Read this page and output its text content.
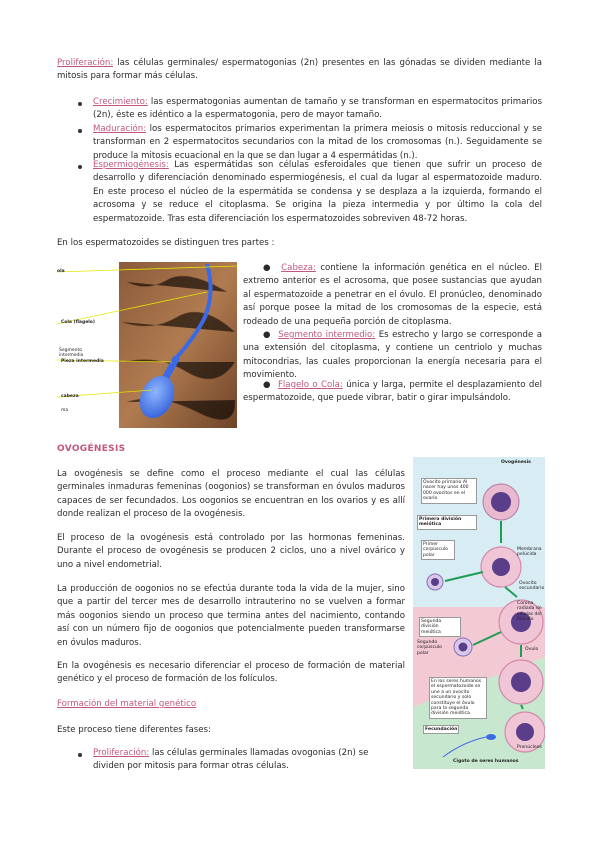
Proliferación: las células germinales/ espermatogonias (2n) presentes en las gónadas se dividen mediante la mitosis para formar más células.
Crecimiento: las espermatogonias aumentan de tamaño y se transforman en espermatocitos primarios (2n), éste es idéntico a la espermatogonia, pero de mayor tamaño.
Maduración: los espermatocitos primarios experimentan la primera meiosis o mitosis reduccional y se transforman en 2 espermatocitos secundarios con la mitad de los cromosomas (n.). Seguidamente se produce la mitosis ecuacional en la que se dan lugar a 4 espermátidas (n.).
Espermiogénesis: Las espermátidas son células esferoidales que tienen que sufrir un proceso de desarrollo y diferenciación denominado espermiogénesis, el cual da lugar al espermatozoide maduro. En este proceso el núcleo de la espermátida se condensa y se desplaza a la izquierda, formando el acrosoma y se reduce el citoplasma. Se origina la pieza intermedia y por último la cola del espermatozoide. Tras esta diferenciación los espermatozoides sobreviven 48-72 horas.
En los espermatozoides se distinguen tres partes :
ola
Cola (flagelo)
Segmento intermedio
Pieza intermedia
cabeza
ma
●  Cabeza: contiene la información genética en el núcleo. El extremo anterior es el acrosoma, que posee sustancias que ayudan al espermatozoide a penetrar en el óvulo. El pronúcleo, denominado así porque posee la mitad de los cromosomas de la especie, está rodeado de una pequeña porción de citoplasma.
●  Segmento intermedio: Es estrecho y largo se corresponde a una extensión del citoplasma, y contiene un centriolo y muchas mitocondrias, las cuales proporcionan la energía necesaria para el movimiento.
●  Flagelo o Cola: única y larga, permite el desplazamiento del espermatozoide, que puede vibrar, batir o girar impulsándolo.
OVOGÉNESIS
La ovogénesis se define como el proceso mediante el cual las células germinales inmaduras femeninas (oogonios) se transforman en óvulos maduros capaces de ser fecundados. Los oogonios se encuentran en los ovarios y es allí donde realizan el proceso de la ovogénesis.
El proceso de la ovogénesis está controlado por las hormonas femeninas. Durante el proceso de ovogénesis se producen 2 ciclos, uno a nivel ovárico y uno a nivel endometrial.
La producción de oogonios no se efectúa durante toda la vida de la mujer, sino que a partir del tercer mes de desarrollo intrauterino no se vuelven a formar más oogonios siendo un proceso que termina antes del nacimiento, contando así con un número fijo de oogonios que potencialmente pueden transformarse en óvulos maduros.
En la ovogénesis es necesario diferenciar el proceso de formación de material genético y el proceso de formación de los folículos.
Formación del material genético
Este proceso tiene diferentes fases:
Proliferación: las células germinales llamadas ovogonias (2n) se dividen por mitosis para formar otras células.
Ovogénesis
Ovocito primario Al nacer hay unos 400 000 ovocitos en el ovario
Primera división meiótica
Primer corpúsculo polar
Membrana pelúcida
Ovocito secundario
Corona radiada de células del folículo
Segunda división meiótica
Segundo corpúsculo polar
Óvulo
En los seres humanos el espermatozoide se une a un ovocito secundario y solo constituye el óvulo para la segunda división meiótica.
Fecundación
Pronúcleos
Cigoto de seres humanos
